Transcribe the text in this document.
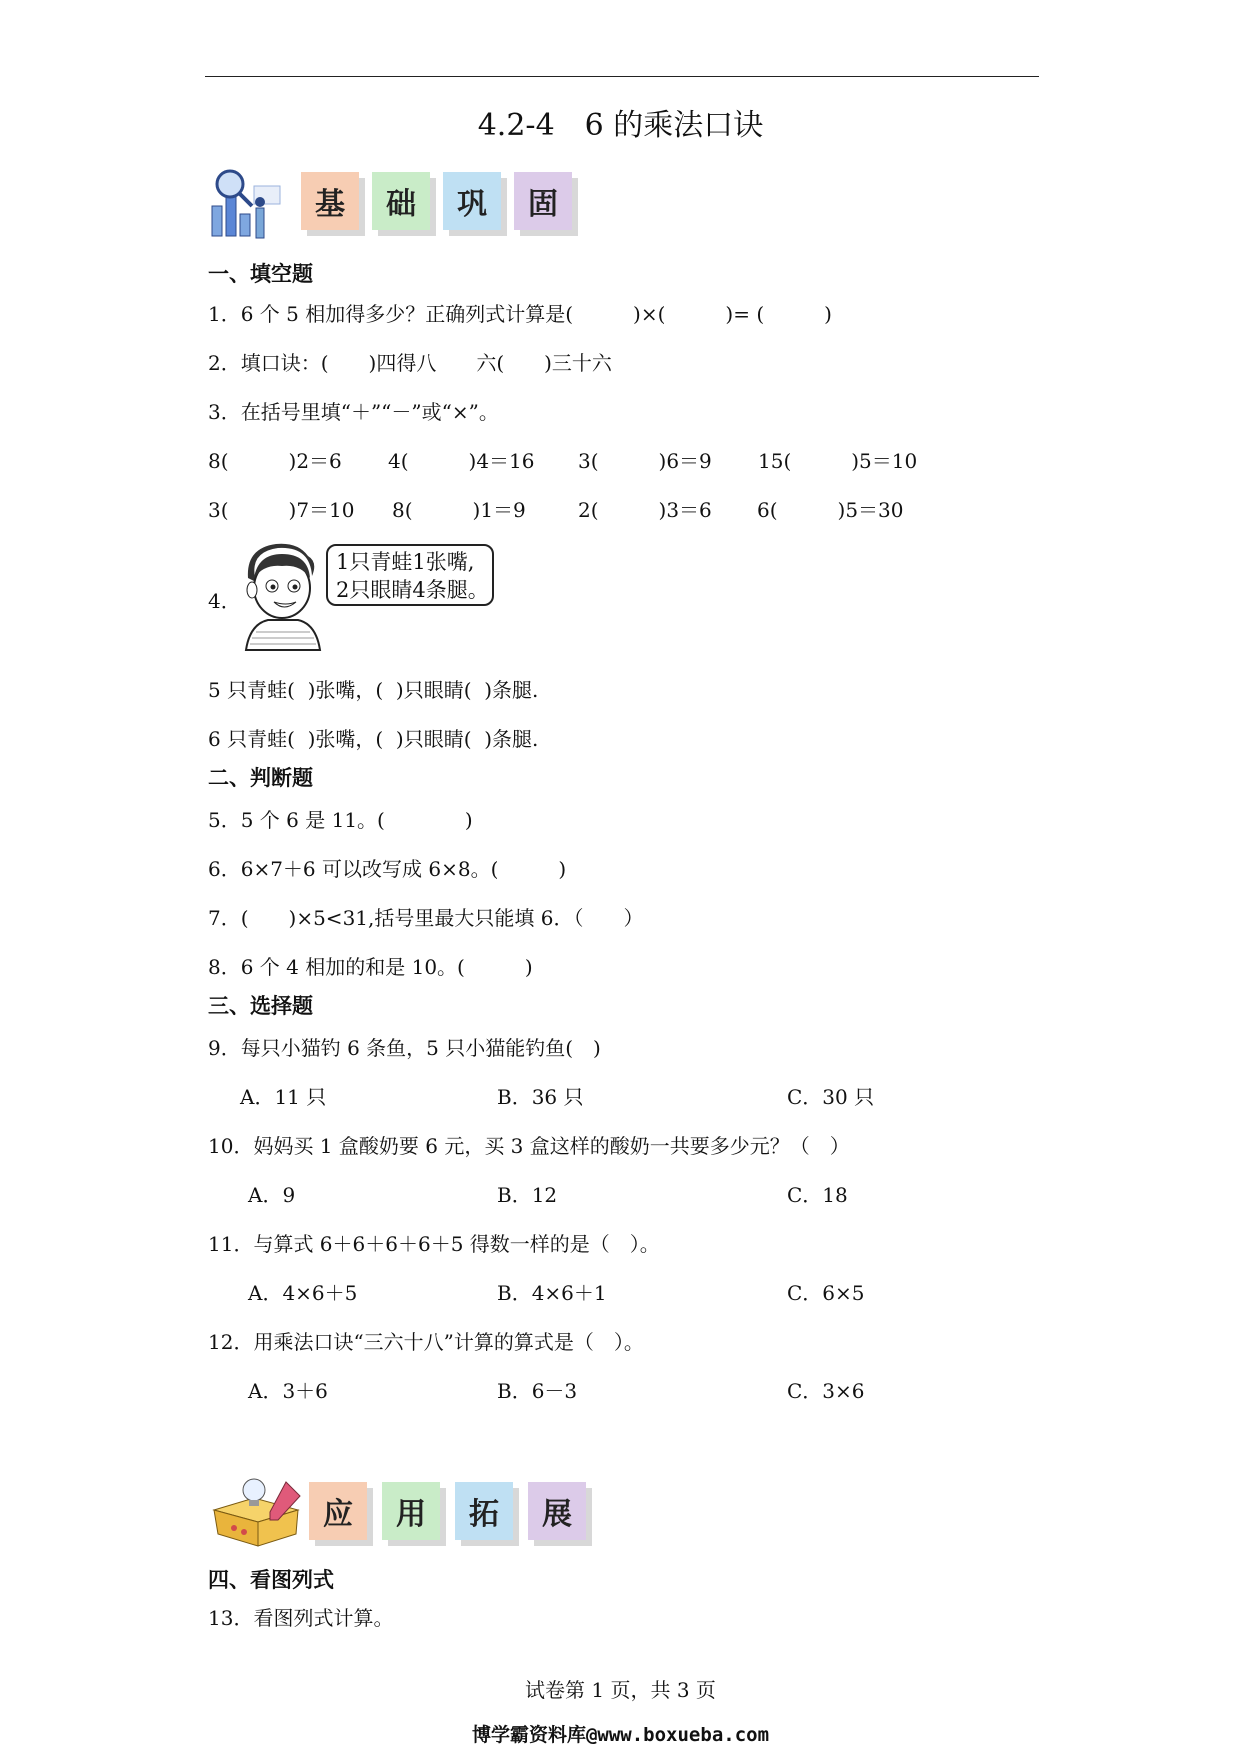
4.2-4　6 的乘法口诀
基	础	巩	固
一、填空题
1．6 个 5 相加得多少？正确列式计算是(　　　)×(　　　)= (　　　)
2．填口诀：(　　)四得八　　六(　　)三十六
3．在括号里填“＋”“－”或“×”。
8(　　　)2＝6 4(　　　)4＝16 3(　　　)6＝9 15(　　　)5＝10
3(　　　)7＝10 8(　　　)1＝9	2(　　　)3＝6 6(　　　)5＝30
4．
1只青蛙1张嘴,
2只眼睛4条腿。
5 只青蛙(  )张嘴，(  )只眼睛(  )条腿.
6 只青蛙(  )张嘴，(  )只眼睛(  )条腿.
二、判断题
5．5 个 6 是 11。(　　　　)
6．6×7＋6 可以改写成 6×8。(　　　)
7．(　　)×5<31,括号里最大只能填 6．（　　）
8．6 个 4 相加的和是 10。(　　　)
三、选择题
9．每只小猫钓 6 条鱼，5 只小猫能钓鱼(　)
A．11 只	B．36 只	C．30 只
10．妈妈买 1 盒酸奶要 6 元，买 3 盒这样的酸奶一共要多少元？（　）
A．9	B．12	C．18
11．与算式 6＋6＋6＋6＋5 得数一样的是（　）。
A．4×6＋5	B．4×6＋1	C．6×5
12．用乘法口诀“三六十八”计算的算式是（　）。
A．3＋6	B．6－3	C．3×6
应	用	拓	展
四、看图列式
13．看图列式计算。
试卷第 1 页，共 3 页
博学霸资料库@www.boxueba.com
